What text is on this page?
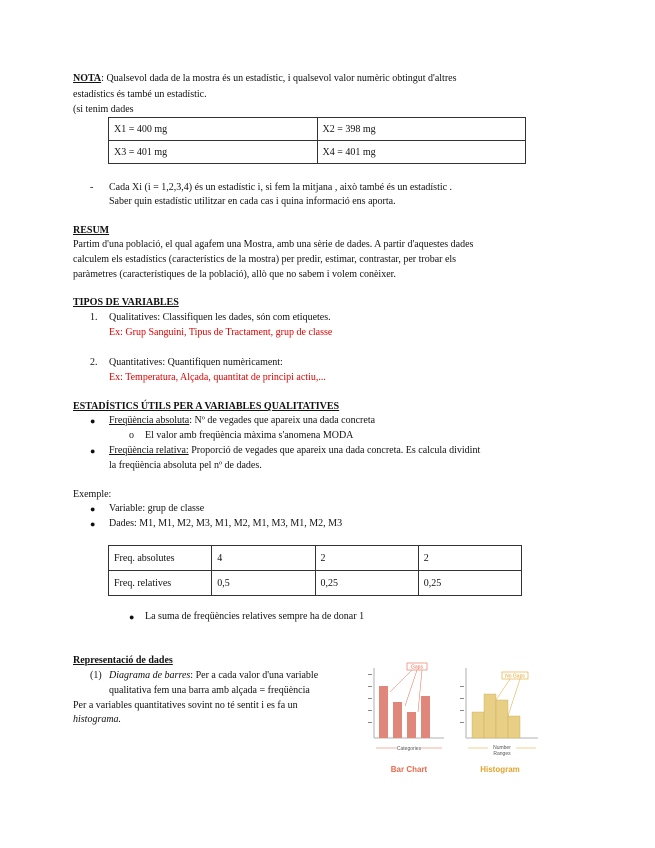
NOTA: Qualsevol dada de la mostra és un estadístic, i qualsevol valor numèric obtingut d'altres
estadístics és també un estadístic.
(si tenim dades
X1 = 400 mg	X2 = 398 mg
X3 = 401 mg	X4 = 401 mg
- Cada Xi (i = 1,2,3,4) és un estadístic i, si fem la mitjana , això també és un estadístic .
Saber quin estadístic utilitzar en cada cas i quina informació ens aporta.
RESUM
Partim d'una població, el qual agafem una Mostra, amb una sèrie de dades. A partir d'aquestes dades
calculem els estadístics (característics de la mostra) per predir, estimar, contrastar, per trobar els
paràmetres (característiques de la població), allò que no sabem i volem conèixer.
TIPOS DE VARIABLES
1. Qualitatives: Classifiquen les dades, són com etiquetes.
Ex: Grup Sanguini, Tipus de Tractament, grup de classe
2. Quantitatives: Quantifiquen numèricament:
Ex: Temperatura, Alçada, quantitat de principi actiu,...
ESTADÍSTICS ÚTILS PER A VARIABLES QUALITATIVES
● Freqüència absoluta: Nº de vegades que apareix una dada concreta
o El valor amb freqüència màxima s'anomena MODA
● Freqüència relativa: Proporció de vegades que apareix una dada concreta. Es calcula dividint
la freqüència absoluta pel nº de dades.
Exemple:
● Variable: grup de classe
● Dades: M1, M1, M2, M3, M1, M2, M1, M3, M1, M2, M3
Freq. absolutes	4	2	2
Freq. relatives	0,5	0,25	0,25
● La suma de freqüències relatives sempre ha de donar 1
Representació de dades
(1) Diagrama de barres: Per a cada valor d'una variable
qualitativa fem una barra amb alçada = freqüència
Per a variables quantitatives sovint no té sentit i es fa un
histograma.
Gaps
Categories
Bar Chart
No Gaps
Number
Ranges
Histogram
